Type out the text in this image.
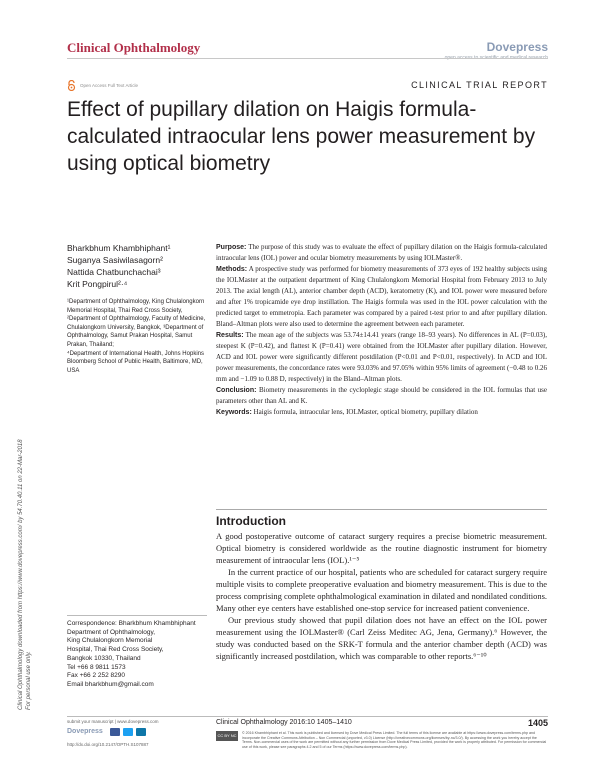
Clinical Ophthalmology	Dovepress
open access to scientific and medical research
Open Access Full Text Article	CLINICAL TRIAL REPORT
Effect of pupillary dilation on Haigis formula-calculated intraocular lens power measurement by using optical biometry
Clinical Ophthalmology downloaded from https://www.dovepress.com/ by 54.70.40.11 on 22-Mar-2018 For personal use only.
Bharkbhum Khambhiphant¹
Suganya Sasiwilasagorn²
Nattida Chatbunchachai³
Krit Pongpirul²·⁴
¹Department of Ophthalmology, King Chulalongkorn Memorial Hospital, Thai Red Cross Society,
²Department of Ophthalmology, Faculty of Medicine, Chulalongkorn University, Bangkok, ³Department of Ophthalmology, Samut Prakan Hospital, Samut Prakan, Thailand;
⁴Department of International Health, Johns Hopkins Bloomberg School of Public Health, Baltimore, MD, USA

Purpose: The purpose of this study was to evaluate the effect of pupillary dilation on the Haigis formula-calculated intraocular lens (IOL) power and ocular biometry measurements by using IOLMaster®.

Methods: A prospective study was performed for biometry measurements of 373 eyes of 192 healthy subjects using the IOLMaster at the outpatient department of King Chulalongkorn Memorial Hospital from February 2013 to July 2013. The axial length (AL), anterior chamber depth (ACD), keratometry (K), and IOL power were measured before and after 1% tropicamide eye drop instillation. The Haigis formula was used in the IOL power calculation with the predicted target to emmetropia. Each parameter was compared by a paired t-test prior to and after pupillary dilation. Bland–Altman plots were also used to determine the agreement between each parameter.

Results: The mean age of the subjects was 53.74±14.41 years (range 18–93 years). No differences in AL (P=0.03), steepest K (P=0.42), and flattest K (P=0.41) were obtained from the IOLMaster after pupillary dilation. However, ACD and IOL power were significantly different postdilation (P<0.01 and P<0.01, respectively). In ACD and IOL power measurements, the concordance rates were 93.03% and 97.05% within 95% limits of agreement (−0.48 to 0.26 mm and −1.09 to 0.88 D, respectively) in the Bland–Altman plots.

Conclusion: Biometry measurements in the cycloplegic stage should be considered in the IOL formulas that use parameters other than AL and K.

Keywords: Haigis formula, intraocular lens, IOLMaster, optical biometry, pupillary dilation

Introduction

A good postoperative outcome of cataract surgery requires a precise biometric measurement. Optical biometry is considered worldwide as the routine diagnostic instrument for biometry measurement of intraocular lens (IOL).¹⁻⁵

In the current practice of our hospital, patients who are scheduled for cataract surgery require multiple visits to complete preoperative evaluation and biometry measurement. This is due to the process comprising complete ophthalmological examination in dilated and nondilated conditions. Many other eye centers have established one-stop service for increased patient convenience.

Our previous study showed that pupil dilation does not have an effect on the IOL power measurement using the IOLMaster® (Carl Zeiss Meditec AG, Jena, Germany).⁶ However, the study was conducted based on the SRK-T formula and the anterior chamber depth (ACD) was significantly increased postdilation, which was comparable to other reports.⁶⁻¹⁰

Correspondence: Bharkbhum Khambhiphant
Department of Ophthalmology,
King Chulalongkorn Memorial
Hospital, Thai Red Cross Society,
Bangkok 10330, Thailand
Tel +66 8 9811 1573
Fax +66 2 252 8290
Email bharkbhum@gmail.com
submit your manuscript | www.dovepress.com
Dovepress
http://dx.doi.org/10.2147/OPTH.S107887
Clinical Ophthalmology 2016:10 1405–1410	1405
CC BY NC	© 2016 Khambhiphant et al. This work is published and licensed by Dove Medical Press Limited. The full terms of this license are available at https://www.dovepress.com/terms.php and incorporate the Creative Commons Attribution – Non Commercial (unported, v3.0) License (http://creativecommons.org/licenses/by-nc/3.0/). By accessing the work you hereby accept the Terms. Non-commercial uses of the work are permitted without any further permission from Dove Medical Press Limited, provided the work is properly attributed. For permission for commercial use of this work, please see paragraphs 4.2 and 5 of our Terms (https://www.dovepress.com/terms.php).
